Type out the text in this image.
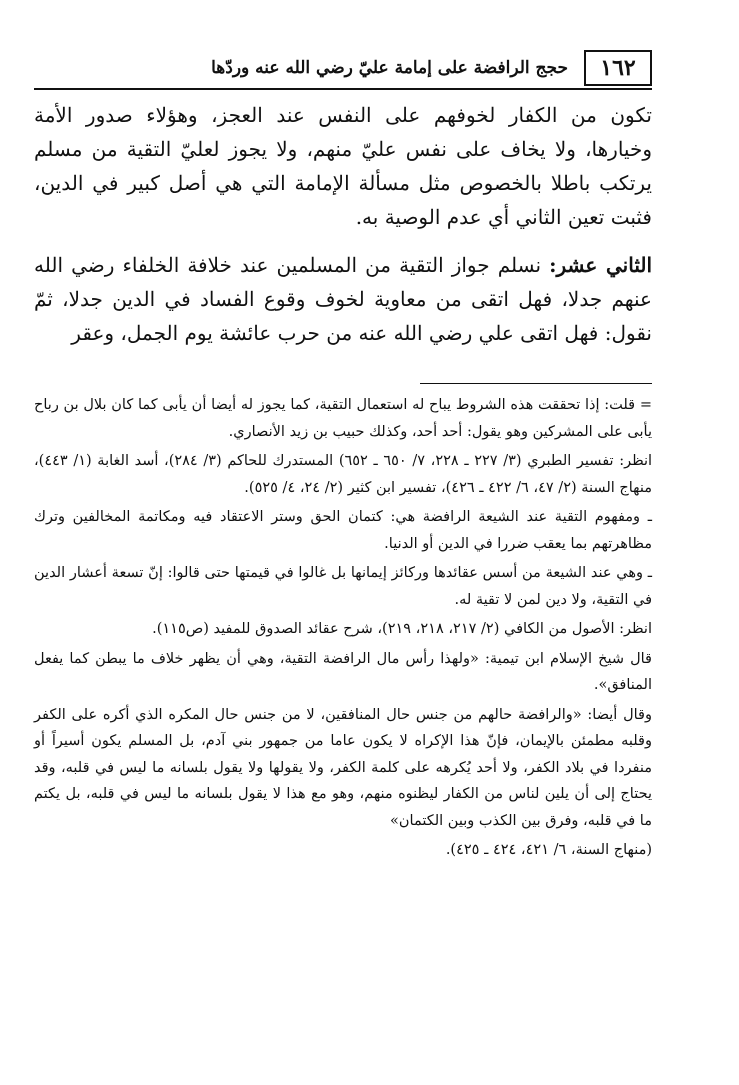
١٦٢
حجج الرافضة على إمامة عليّ رضي الله عنه وردّها

تكون من الكفار لخوفهم على النفس عند العجز، وهؤلاء صدور الأمة وخيارها، ولا يخاف على نفس عليّ منهم، ولا يجوز لعليّ التقية من مسلم يرتكب باطلا بالخصوص مثل مسألة الإمامة التي هي أصل كبير في الدين، فثبت تعين الثاني أي عدم الوصية به.

الثاني عشر: نسلم جواز التقية من المسلمين عند خلافة الخلفاء رضي الله عنهم جدلا، فهل اتقى من معاوية لخوف وقوع الفساد في الدين جدلا، ثمّ نقول: فهل اتقى علي رضي الله عنه من حرب عائشة يوم الجمل، وعقر

= قلت: إذا تحققت هذه الشروط يباح له استعمال التقية، كما يجوز له أيضا أن يأبى كما كان بلال بن رباح يأبى على المشركين وهو يقول: أحد أحد، وكذلك حبيب بن زيد الأنصاري.

انظر: تفسير الطبري (٣/ ٢٢٧ ـ ٢٢٨، ٧/ ٦٥٠ ـ ٦٥٢) المستدرك للحاكم (٣/ ٢٨٤)، أسد الغابة (١/ ٤٤٣)، منهاج السنة (٢/ ٤٧، ٦/ ٤٢٢ ـ ٤٢٦)، تفسير ابن كثير (٢/ ٢٤، ٤/ ٥٢٥).

ـ ومفهوم التقية عند الشيعة الرافضة هي: كتمان الحق وستر الاعتقاد فيه ومكاتمة المخالفين وترك مظاهرتهم بما يعقب ضررا في الدين أو الدنيا.

ـ وهي عند الشيعة من أسس عقائدها وركائز إيمانها بل غالوا في قيمتها حتى قالوا: إنّ تسعة أعشار الدين في التقية، ولا دين لمن لا تقية له.

انظر: الأصول من الكافي (٢/ ٢١٧، ٢١٨، ٢١٩)، شرح عقائد الصدوق للمفيد (ص١١٥).

قال شيخ الإسلام ابن تيمية: «ولهذا رأس مال الرافضة التقية، وهي أن يظهر خلاف ما يبطن كما يفعل المنافق».

وقال أيضا: «والرافضة حالهم من جنس حال المنافقين، لا من جنس حال المكره الذي أكره على الكفر وقلبه مطمئن بالإيمان، فإنّ هذا الإكراه لا يكون عاما من جمهور بني آدم، بل المسلم يكون أسيراً أو منفردا في بلاد الكفر، ولا أحد يُكرهه على كلمة الكفر، ولا يقولها ولا يقول بلسانه ما ليس في قلبه، وقد يحتاج إلى أن يلين لناس من الكفار ليظنوه منهم، وهو مع هذا لا يقول بلسانه ما ليس في قلبه، بل يكتم ما في قلبه، وفرق بين الكذب وبين الكتمان»

(منهاج السنة، ٦/ ٤٢١، ٤٢٤ ـ ٤٢٥).
